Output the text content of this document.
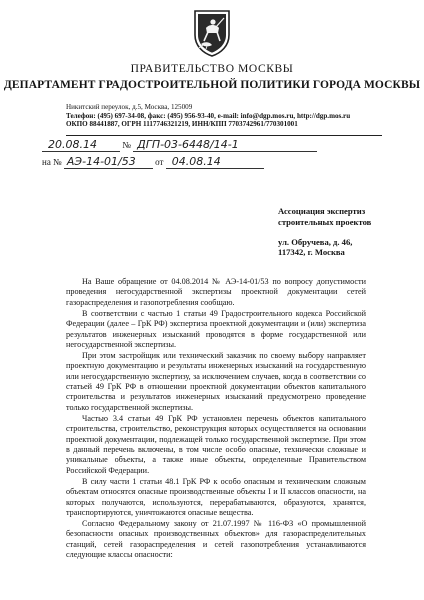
ПРАВИТЕЛЬСТВО МОСКВЫ
ДЕПАРТАМЕНТ ГРАДОСТРОИТЕЛЬНОЙ ПОЛИТИКИ ГОРОДА МОСКВЫ
Никитский переулок, д.5, Москва, 125009
Телефон: (495) 697-34-08, факс: (495) 956-93-40, e-mail: info@dgp.mos.ru, http://dgp.mos.ru
ОКПО 88441887, ОГРН 1117746321219, ИНН/КПП 7703742961/770301001
20.08.14	№ ДГП-03-6448/14-1
на № АЭ-14-01/53 от 04.08.14
Ассоциация экспертиз
строительных проектов
ул. Обручева, д. 46,
117342, г. Москва

На Ваше обращение от 04.08.2014 № АЭ-14-01/53 по вопросу допустимости проведения негосударственной экспертизы проектной документации сетей газораспределения и газопотребления сообщаю.

В соответствии с частью 1 статьи 49 Градостроительного кодекса Российской Федерации (далее – ГрК РФ) экспертиза проектной документации и (или) экспертиза результатов инженерных изысканий проводятся в форме государственной или негосударственной экспертизы.

При этом застройщик или технический заказчик по своему выбору направляет проектную документацию и результаты инженерных изысканий на государственную или негосударственную экспертизу, за исключением случаев, когда в соответствии со статьей 49 ГрК РФ в отношении проектной документации объектов капитального строительства и результатов инженерных изысканий предусмотрено проведение только государственной экспертизы.

Частью 3.4 статьи 49 ГрК РФ установлен перечень объектов капитального строительства, строительство, реконструкция которых осуществляется на основании проектной документации, подлежащей только государственной экспертизе. При этом в данный перечень включены, в том числе особо опасные, технически сложные и уникальные объекты, а также иные объекты, определенные Правительством Российской Федерации.

В силу части 1 статьи 48.1 ГрК РФ к особо опасным и техническим сложным объектам относятся опасные производственные объекты I и II классов опасности, на которых получаются, используются, перерабатываются, образуются, хранятся, транспортируются, уничтожаются опасные вещества.

Согласно Федеральному закону от 21.07.1997 № 116-ФЗ «О промышленной безопасности опасных производственных объектов» для газораспределительных станций, сетей газораспределения и сетей газопотребления устанавливаются следующие классы опасности:
